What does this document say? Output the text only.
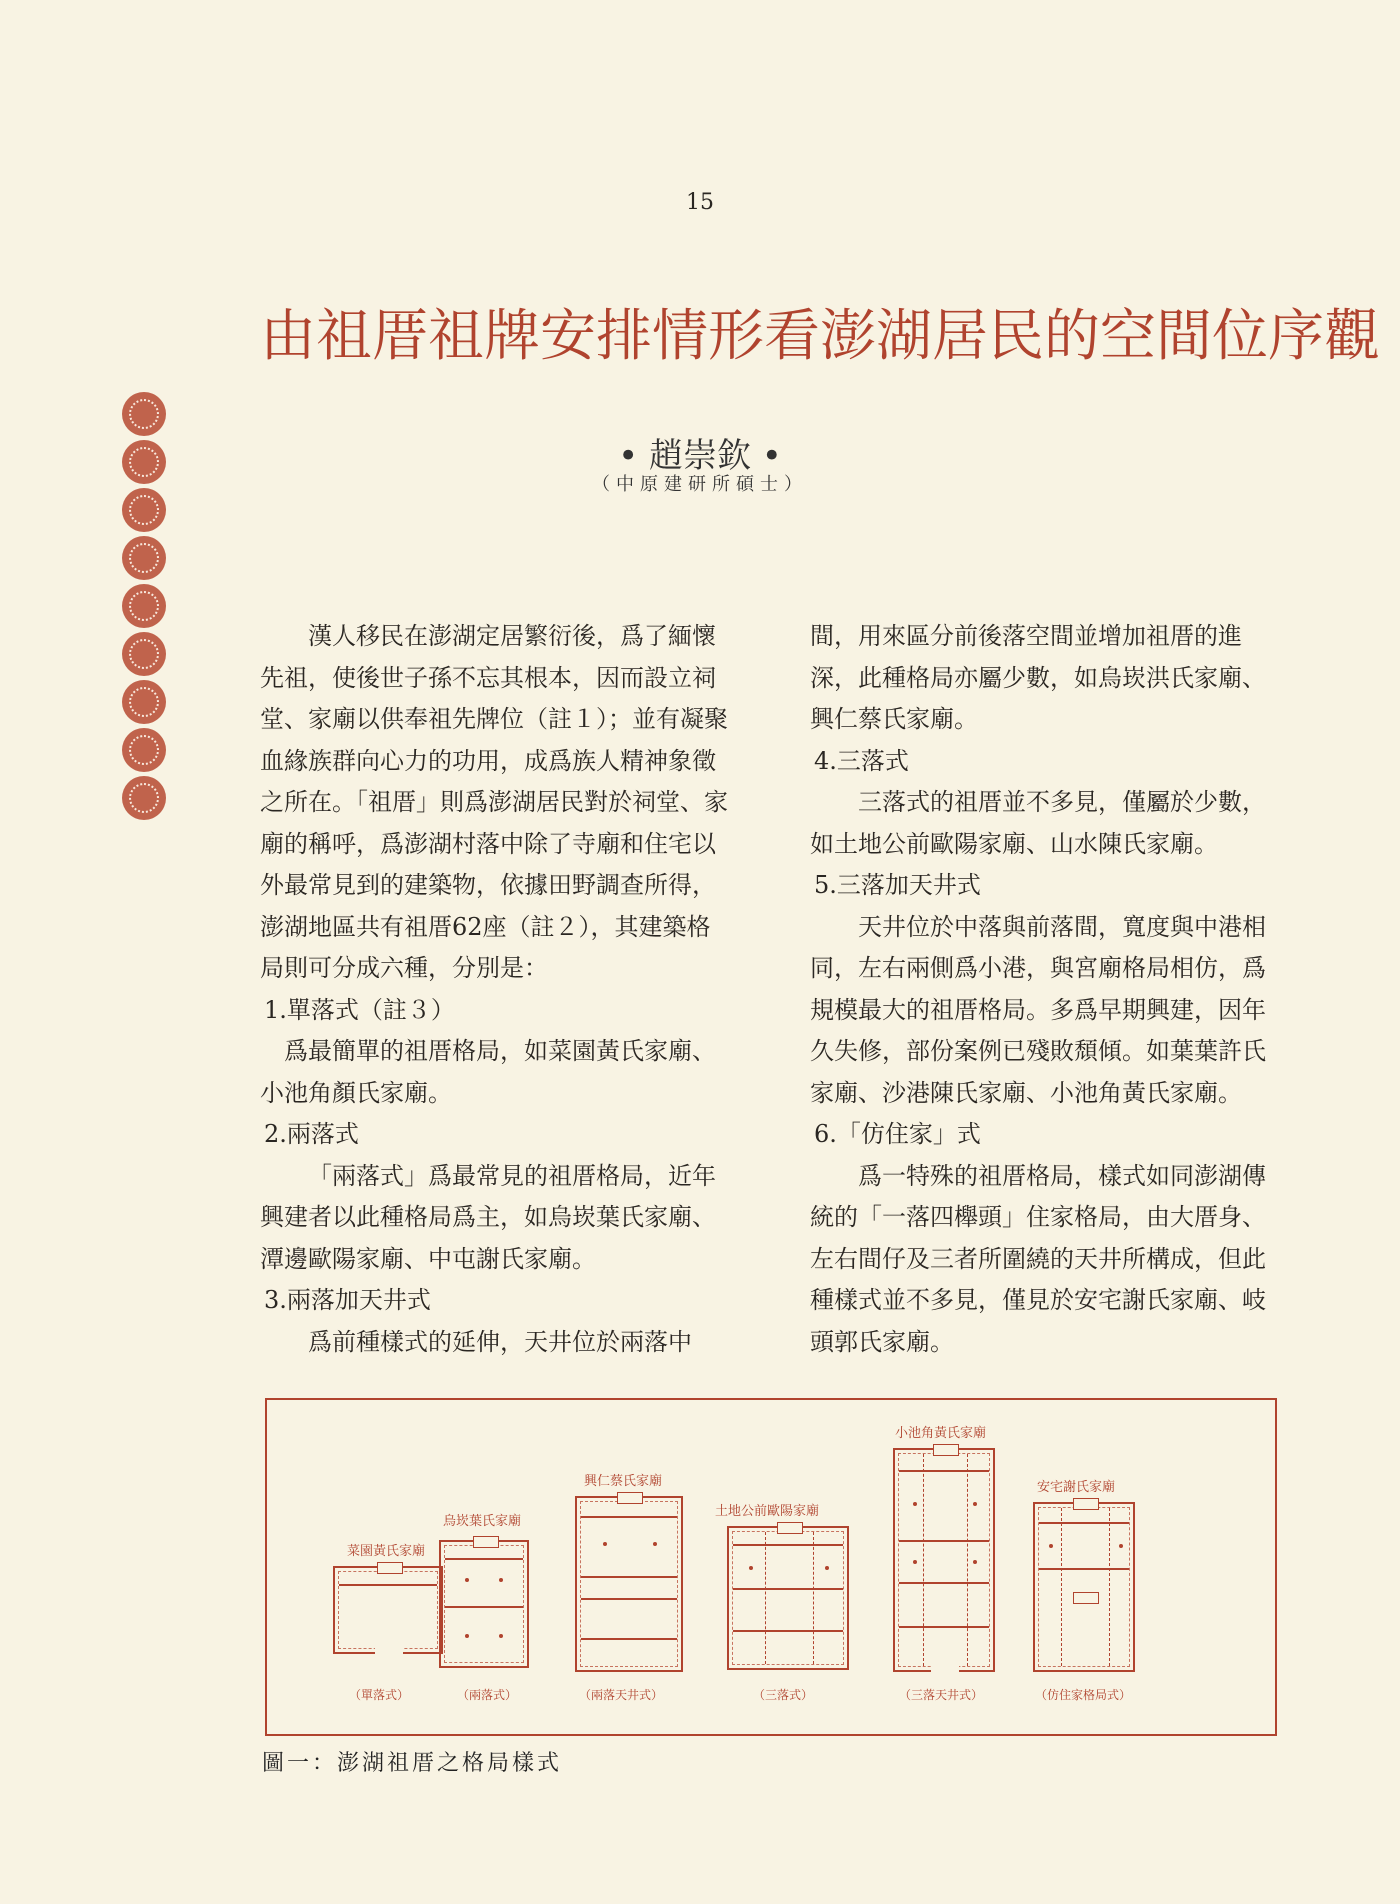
15
由祖厝祖牌安排情形看澎湖居民的空間位序觀
• 趙崇欽 •
（中原建研所碩士）

漢人移民在澎湖定居繁衍後，爲了緬懷先祖，使後世子孫不忘其根本，因而設立祠堂、家廟以供奉祖先牌位（註１）；並有凝聚血緣族群向心力的功用，成爲族人精神象徵之所在。「祖厝」則爲澎湖居民對於祠堂、家廟的稱呼，爲澎湖村落中除了寺廟和住宅以外最常見到的建築物，依據田野調查所得，澎湖地區共有祖厝62座（註２），其建築格局則可分成六種，分別是：

1.單落式（註３）

爲最簡單的祖厝格局，如菜園黃氏家廟、小池角顏氏家廟。

2.兩落式

「兩落式」爲最常見的祖厝格局，近年興建者以此種格局爲主，如烏崁葉氏家廟、潭邊歐陽家廟、中屯謝氏家廟。

3.兩落加天井式

爲前種樣式的延伸，天井位於兩落中

間，用來區分前後落空間並增加祖厝的進深，此種格局亦屬少數，如烏崁洪氏家廟、興仁蔡氏家廟。

4.三落式

三落式的祖厝並不多見，僅屬於少數，如土地公前歐陽家廟、山水陳氏家廟。

5.三落加天井式

天井位於中落與前落間，寬度與中港相同，左右兩側爲小港，與宮廟格局相仿，爲規模最大的祖厝格局。多爲早期興建，因年久失修，部份案例已殘敗頹傾。如葉葉許氏家廟、沙港陳氏家廟、小池角黃氏家廟。

6.「仿住家」式

爲一特殊的祖厝格局，樣式如同澎湖傳統的「一落四櫸頭」住家格局，由大厝身、左右間仔及三者所圍繞的天井所構成，但此種樣式並不多見，僅見於安宅謝氏家廟、岐頭郭氏家廟。

菜園黃氏家廟
（單落式）
烏崁葉氏家廟
（兩落式）
興仁蔡氏家廟
（兩落天井式）
土地公前歐陽家廟
（三落式）
小池角黃氏家廟
（三落天井式）
安宅謝氏家廟
（仿住家格局式）
圖一：澎湖祖厝之格局樣式
